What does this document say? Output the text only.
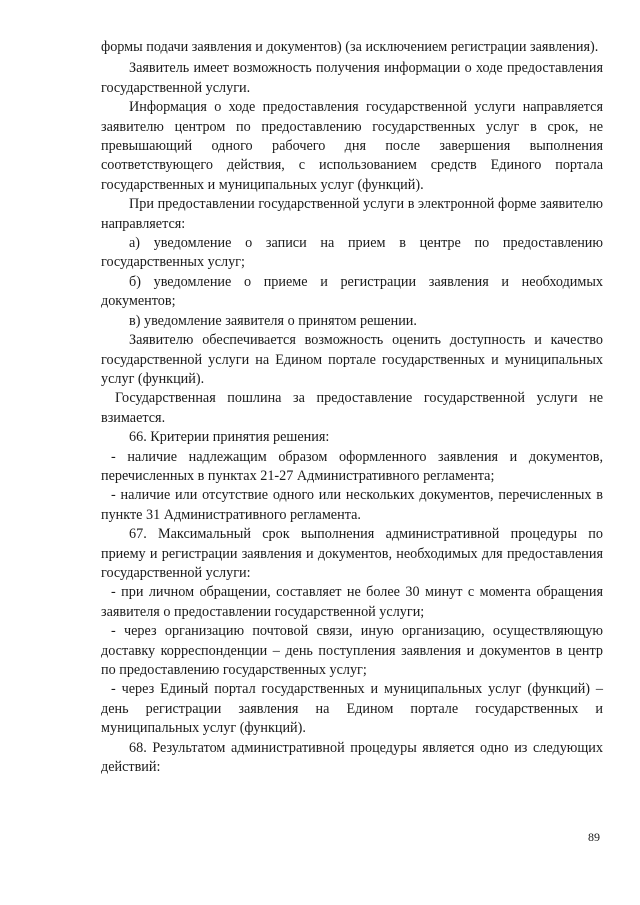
формы подачи заявления и документов) (за исключением регистрации заявления).

Заявитель имеет возможность получения информации о ходе предоставления государственной услуги.

Информация о ходе предоставления государственной услуги направляется заявителю центром по предоставлению государственных услуг в срок, не превышающий одного рабочего дня после завершения выполнения соответствующего действия, с использованием средств Единого портала государственных и муниципальных услуг (функций).

При предоставлении государственной услуги в электронной форме заявителю направляется:

а) уведомление о записи на прием в центре по предоставлению государственных услуг;

б) уведомление о приеме и регистрации заявления и необходимых документов;

в) уведомление заявителя о принятом решении.

Заявителю обеспечивается возможность оценить доступность и качество государственной услуги на Едином портале государственных и муниципальных услуг (функций).

Государственная пошлина за предоставление государственной услуги не взимается.

66. Критерии принятия решения:

- наличие надлежащим образом оформленного заявления и документов, перечисленных в пунктах 21-27 Административного регламента;

- наличие или отсутствие одного или нескольких документов, перечисленных в пункте 31 Административного регламента.

67. Максимальный срок выполнения административной процедуры по приему и регистрации заявления и документов, необходимых для предоставления государственной услуги:

- при личном обращении, составляет не более 30 минут с момента обращения заявителя о предоставлении государственной услуги;

- через организацию почтовой связи, иную организацию, осуществляющую доставку корреспонденции – день поступления заявления и документов в центр по предоставлению государственных услуг;

- через Единый портал государственных и муниципальных услуг (функций) – день регистрации заявления на Едином портале государственных и муниципальных услуг (функций).

68. Результатом административной процедуры является одно из следующих действий:

89
